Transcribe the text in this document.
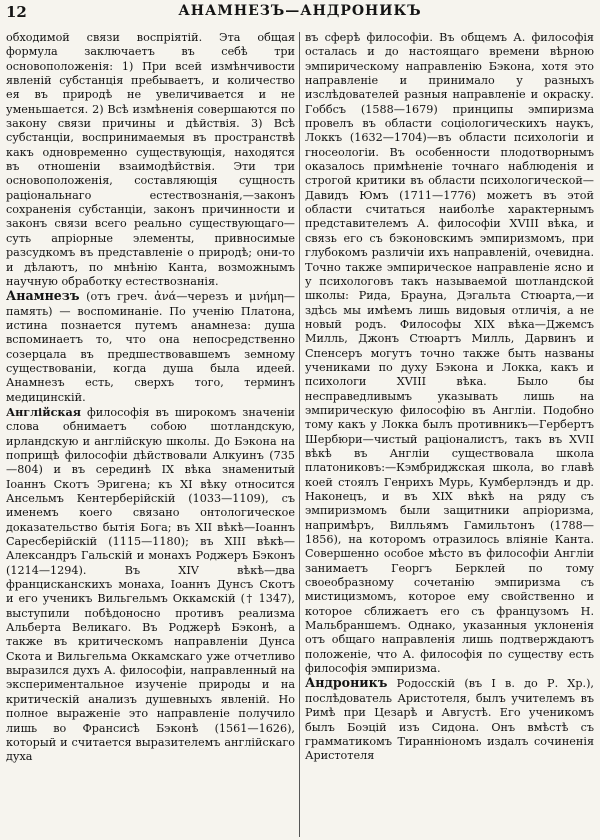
12	АНАМНЕЗЪ—АНДРОНИКЪ

обходимой связи воспріятій. Эта общая формула заключаетъ въ себѣ три основоположенія: 1) При всей измѣнчивости явленій субстанція пребываетъ, и количество ея въ природѣ не увеличивается и не уменьшается. 2) Всѣ измѣненія совершаются по закону связи причины и дѣйствія. 3) Всѣ субстанціи, воспринимаемыя въ пространствѣ какъ одновременно существующія, находятся въ отношеніи взаимодѣйствія. Эти три основоположенія, составляющія сущность раціональнаго естествознанія,—законъ сохраненія субстанціи, законъ причинности и законъ связи всего реально существующаго—суть апріорные элементы, привносимые разсудкомъ въ представленіе о природѣ; они-то и дѣлаютъ, по мнѣнію Канта, возможнымъ научную обработку естествознанія.

Анамнезъ (отъ греч. ἀνά—черезъ и μνήμη—память) — воспоминаніе. По ученію Платона, истина познается путемъ анамнеза: душа вспоминаетъ то, что она непосредственно созерцала въ предшествовавшемъ земному существованіи, когда душа была идеей. Анамнезъ есть, сверхъ того, терминъ медицинскій.

Англійская философія въ широкомъ значеніи слова обнимаетъ собою шотландскую, ирландскую и англійскую школы. До Бэкона на поприщѣ философіи дѣйствовали Алкуинъ (735—804) и въ серединѣ IX вѣка знаменитый Іоаннъ Скотъ Эригена; къ XI вѣку относится Ансельмъ Кентерберійскій (1033—1109), съ именемъ коего связано онтологическое доказательство бытія Бога; въ XII вѣкѣ—Іоаннъ Саресберійскій (1115—1180); въ XIII вѣкѣ—Александръ Гальскій и монахъ Роджеръ Бэконъ (1214—1294). Въ XIV вѣкѣ—два францисканскихъ монаха, Іоаннъ Дунсъ Скотъ и его ученикъ Вильгельмъ Оккамскій († 1347), выступили побѣдоносно противъ реализма Альберта Великаго. Въ Роджерѣ Бэконѣ, а также въ критическомъ направленіи Дунса Скота и Вильгельма Оккамскаго уже отчетливо выразился духъ А. философіи, направленный на экспериментальное изученіе природы и на критическій анализъ душевныхъ явленій. Но полное выраженіе это направленіе получило лишь во Франсисѣ Бэконѣ (1561—1626), который и считается выразителемъ англійскаго духа

въ сферѣ философіи. Въ общемъ А. философія осталась и до настоящаго времени вѣрною эмпирическому направленію Бэкона, хотя это направленіе и принимало у разныхъ изслѣдователей разныя направленіе и окраску. Гоббсъ (1588—1679) принципы эмпиризма провелъ въ области соціологическихъ наукъ, Локкъ (1632—1704)—въ области психологіи и гносеологіи. Въ особенности плодотворнымъ оказалось примѣненіе точнаго наблюденія и строгой критики въ области психологической—Давидъ Юмъ (1711—1776) можетъ въ этой области считаться наиболѣе характернымъ представителемъ А. философіи XVIII вѣка, и связь его съ бэконовскимъ эмпиризмомъ, при глубокомъ различіи ихъ направленій, очевидна. Точно также эмпирическое направленіе ясно и у психологовъ такъ называемой шотландской школы: Рида, Брауна, Дэгальта Стюарта,—и здѣсь мы имѣемъ лишь видовыя отличія, а не новый родъ. Философы XIX вѣка—Джемсъ Милль, Джонъ Стюартъ Милль, Дарвинъ и Спенсеръ могутъ точно также быть названы учениками по духу Бэкона и Локка, какъ и психологи XVIII вѣка. Было бы несправедливымъ указывать лишь на эмпирическую философію въ Англіи. Подобно тому какъ у Локка былъ противникъ—Гербертъ Шербюри—чистый раціоналистъ, такъ въ XVII вѣкѣ въ Англіи существовала школа платониковъ:—Кэмбриджская школа, во главѣ коей стоялъ Генрихъ Мурь, Кумберлэндъ и др. Наконецъ, и въ XIX вѣкѣ на ряду съ эмпиризмомъ были защитники апріоризма, напримѣръ, Вилльямъ Гамильтонъ (1788—1856), на которомъ отразилось вліяніе Канта. Совершенно особое мѣсто въ философіи Англіи занимаетъ Георгъ Берклей по тому своеобразному сочетанію эмпиризма съ мистицизмомъ, которое ему свойственно и которое сближаетъ его съ французомъ Н. Мальбраншемъ. Однако, указанныя уклоненія отъ общаго направленія лишь подтверждаютъ положеніе, что А. философія по существу есть философія эмпиризма.

Андроникъ Родосскій (въ I в. до Р. Хр.), послѣдователь Аристотеля, былъ учителемъ въ Римѣ при Цезарѣ и Августѣ. Его ученикомъ былъ Боэцій изъ Сидона. Онъ вмѣстѣ съ грамматикомъ Тиранніономъ издалъ сочиненія Аристотеля
